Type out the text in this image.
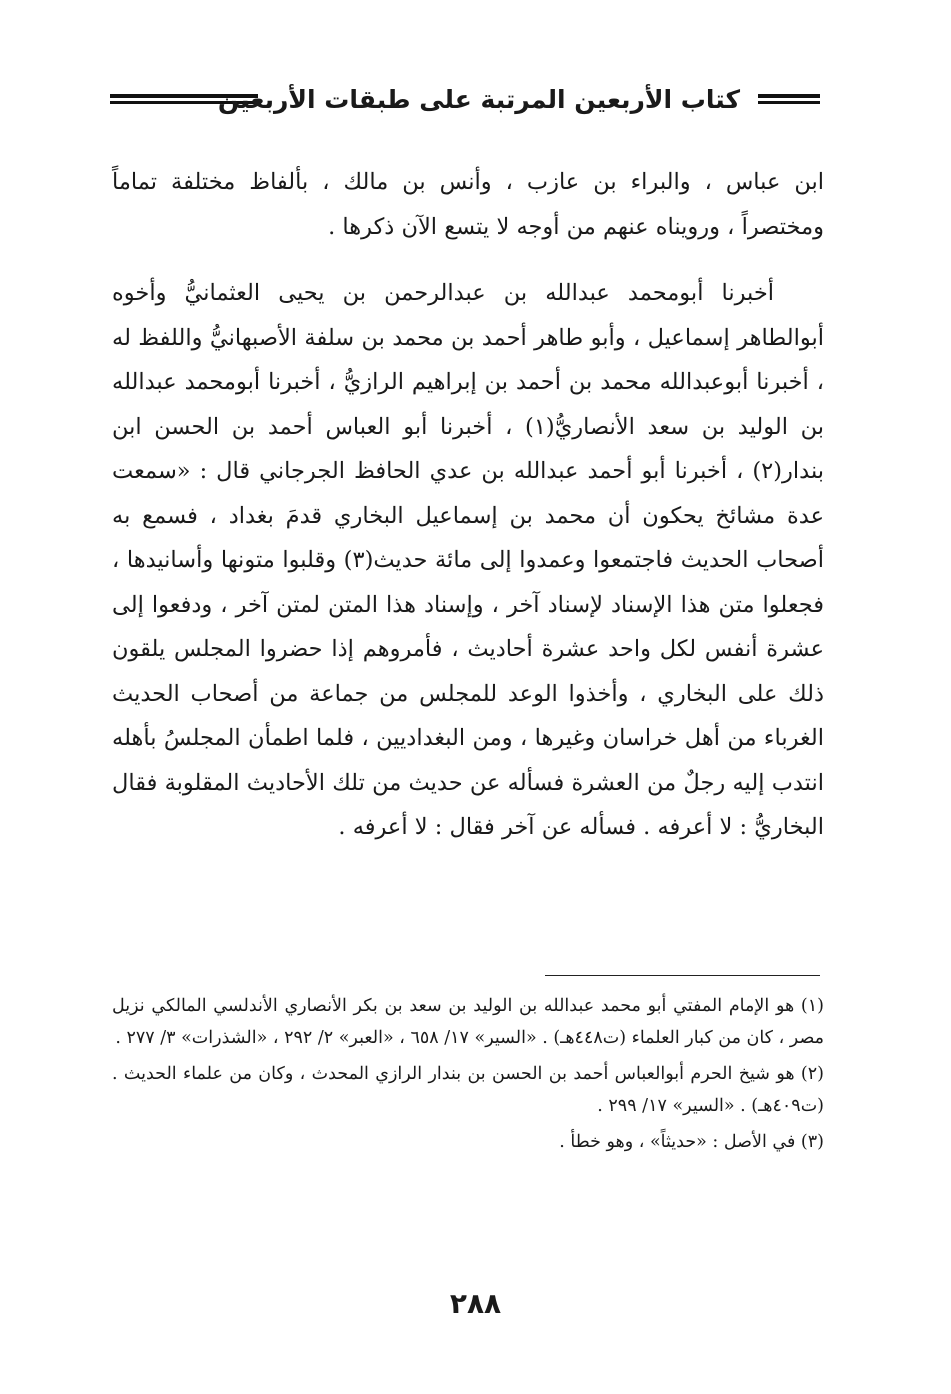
كتاب الأربعين المرتبة على طبقات الأربعين

ابن عباس ، والبراء بن عازب ، وأنس بن مالك ، بألفاظ مختلفة تماماً ومختصراً ، ورويناه عنهم من أوجه لا يتسع الآن ذكرها .

أخبرنا أبومحمد عبدالله بن عبدالرحمن بن يحيى العثمانيُّ وأخوه أبوالطاهر إسماعيل ، وأبو طاهر أحمد بن محمد بن سلفة الأصبهانيُّ واللفظ له ، أخبرنا أبوعبدالله محمد بن أحمد بن إبراهيم الرازيُّ ، أخبرنا أبومحمد عبدالله بن الوليد بن سعد الأنصاريُّ(١) ، أخبرنا أبو العباس أحمد بن الحسن ابن بندار(٢) ، أخبرنا أبو أحمد عبدالله بن عدي الحافظ الجرجاني قال : «سمعت عدة مشائخ يحكون أن محمد بن إسماعيل البخاري قدمَ بغداد ، فسمع به أصحاب الحديث فاجتمعوا وعمدوا إلى مائة حديث(٣) وقلبوا متونها وأسانيدها ، فجعلوا متن هذا الإسناد لإسناد آخر ، وإسناد هذا المتن لمتن آخر ، ودفعوا إلى عشرة أنفس لكل واحد عشرة أحاديث ، فأمروهم إذا حضروا المجلس يلقون ذلك على البخاري ، وأخذوا الوعد للمجلس من جماعة من أصحاب الحديث الغرباء من أهل خراسان وغيرها ، ومن البغداديين ، فلما اطمأن المجلسُ بأهله انتدب إليه رجلٌ من العشرة فسأله عن حديث من تلك الأحاديث المقلوبة فقال البخاريُّ : لا أعرفه . فسأله عن آخر فقال : لا أعرفه .

(١) هو الإمام المفتي أبو محمد عبدالله بن الوليد بن سعد بن بكر الأنصاري الأندلسي المالكي نزيل مصر ، كان من كبار العلماء (ت٤٤٨هـ) . «السير» ١٧/ ٦٥٨ ، «العبر» ٢/ ٢٩٢ ، «الشذرات» ٣/ ٢٧٧ .

(٢) هو شيخ الحرم أبوالعباس أحمد بن الحسن بن بندار الرازي المحدث ، وكان من علماء الحديث . (ت٤٠٩هـ) . «السير» ١٧/ ٢٩٩ .

(٣) في الأصل : «حديثاً» ، وهو خطأ .

٢٨٨
